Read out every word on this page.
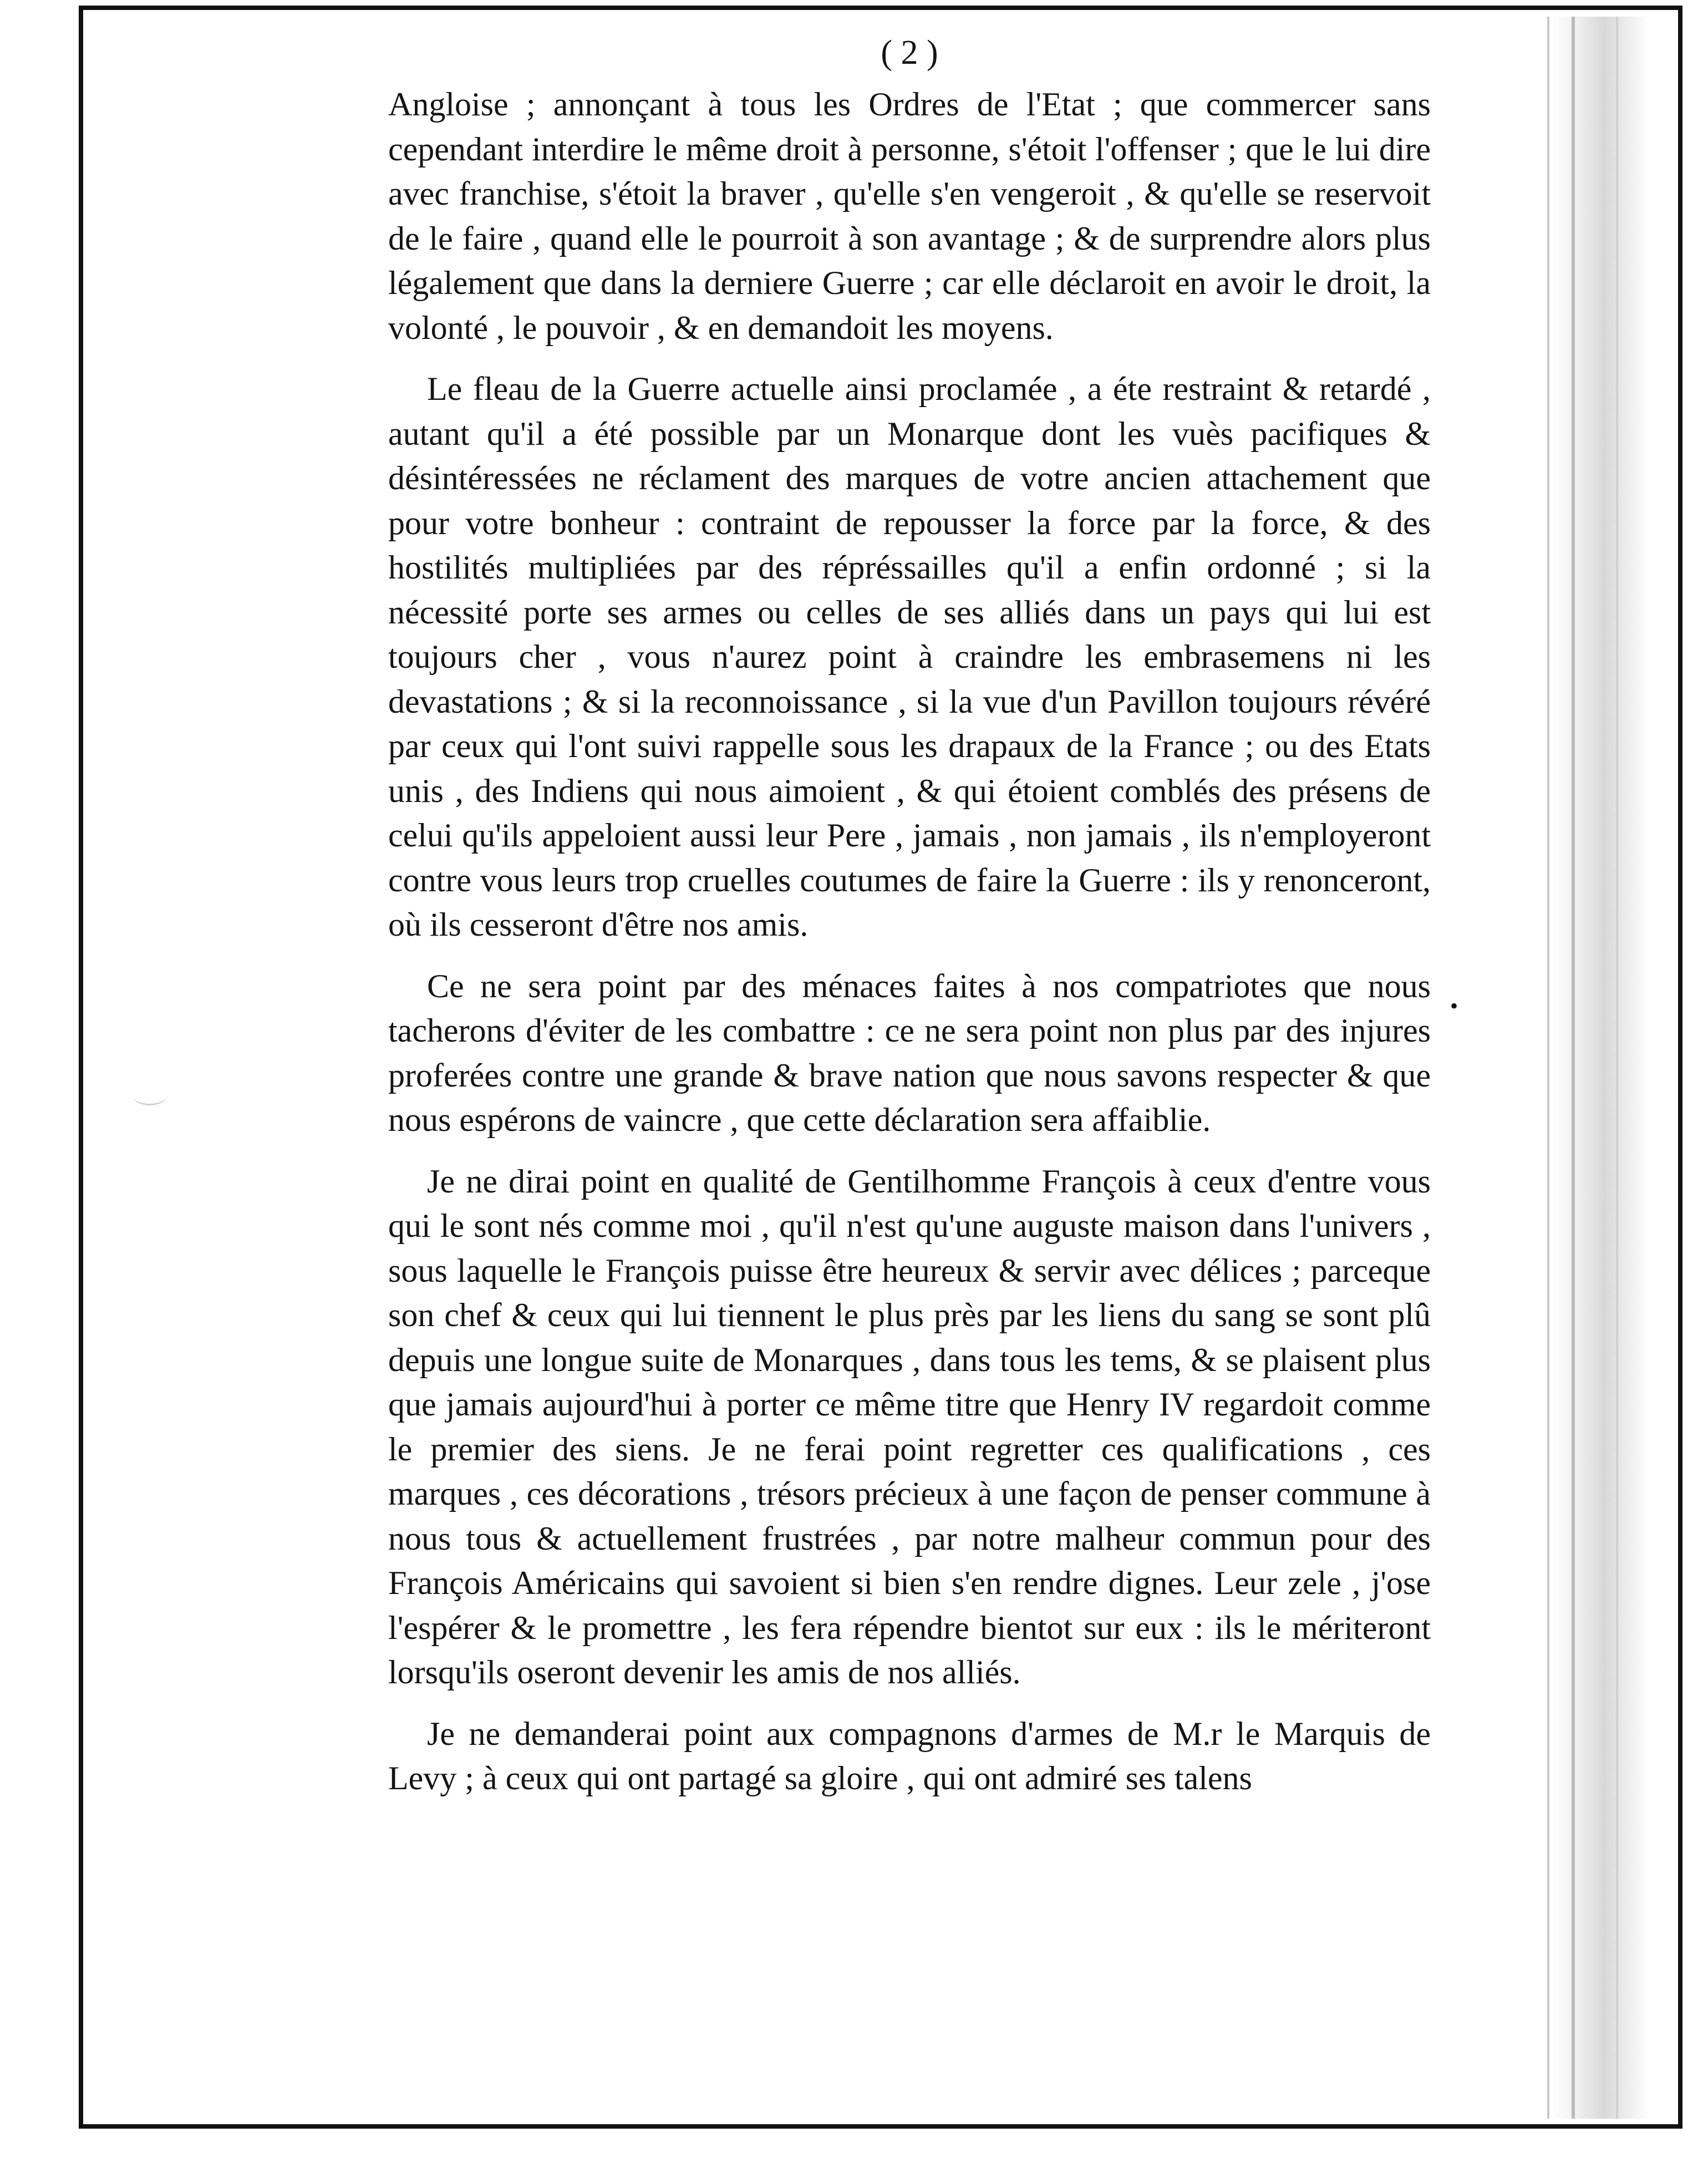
( 2 )

Angloise ; annonçant à tous les Ordres de l'Etat ; que commercer sans cependant interdire le même droit à personne, s'étoit l'offenser ; que le lui dire avec franchise, s'étoit la braver , qu'elle s'en vengeroit , & qu'elle se reservoit de le faire , quand elle le pourroit à son avantage ; & de surprendre alors plus légalement que dans la derniere Guerre ; car elle déclaroit en avoir le droit, la volonté , le pouvoir , & en demandoit les moyens.

Le fleau de la Guerre actuelle ainsi proclamée , a éte restraint & retardé , autant qu'il a été possible par un Monarque dont les vuès pacifiques & désintéressées ne réclament des marques de votre ancien attachement que pour votre bonheur : contraint de repousser la force par la force, & des hostilités multipliées par des répréssailles qu'il a enfin ordonné ; si la nécessité porte ses armes ou celles de ses alliés dans un pays qui lui est toujours cher , vous n'aurez point à craindre les embrasemens ni les devastations ; & si la reconnoissance , si la vue d'un Pavillon toujours révéré par ceux qui l'ont suivi rappelle sous les drapaux de la France ; ou des Etats unis , des Indiens qui nous aimoient , & qui étoient comblés des présens de celui qu'ils appeloient aussi leur Pere , jamais , non jamais , ils n'employeront contre vous leurs trop cruelles coutumes de faire la Guerre : ils y renonceront, où ils cesseront d'être nos amis.

Ce ne sera point par des ménaces faites à nos compatriotes que nous tacherons d'éviter de les combattre : ce ne sera point non plus par des injures proferées contre une grande & brave nation que nous savons respecter & que nous espérons de vaincre , que cette déclaration sera affaiblie.

Je ne dirai point en qualité de Gentilhomme François à ceux d'entre vous qui le sont nés comme moi , qu'il n'est qu'une auguste maison dans l'univers , sous laquelle le François puisse être heureux & servir avec délices ; parceque son chef & ceux qui lui tiennent le plus près par les liens du sang se sont plû depuis une longue suite de Monarques , dans tous les tems, & se plaisent plus que jamais aujourd'hui à porter ce même titre que Henry IV regardoit comme le premier des siens. Je ne ferai point regretter ces qualifications , ces marques , ces décorations , trésors précieux à une façon de penser commune à nous tous & actuellement frustrées , par notre malheur commun pour des François Américains qui savoient si bien s'en rendre dignes. Leur zele , j'ose l'espérer & le promettre , les fera répendre bientot sur eux : ils le mériteront lorsqu'ils oseront devenir les amis de nos alliés.

Je ne demanderai point aux compagnons d'armes de M.r le Marquis de Levy ; à ceux qui ont partagé sa gloire , qui ont admiré ses talens

•
